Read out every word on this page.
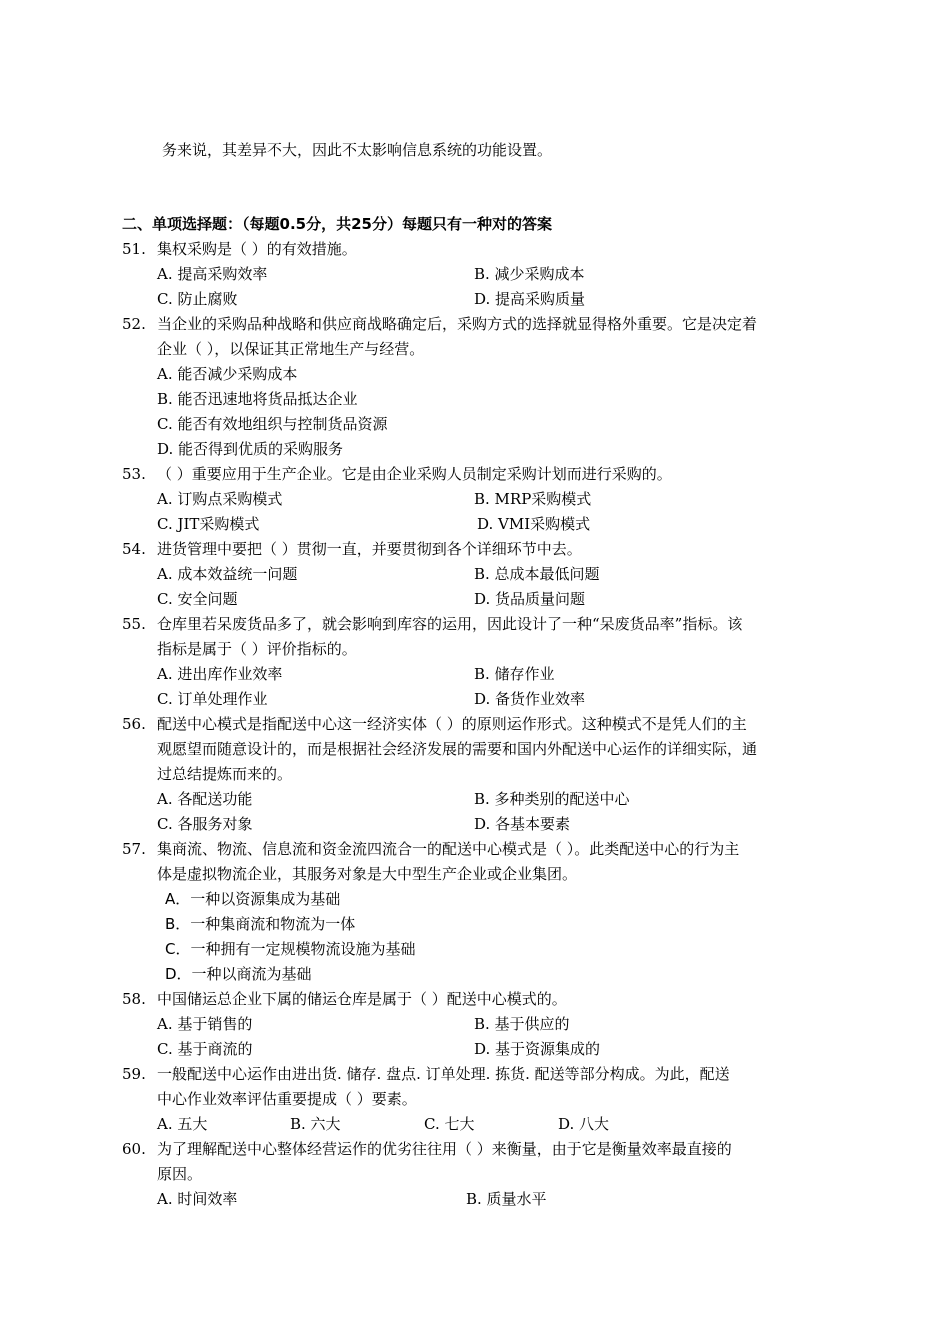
务来说，其差异不大，因此不太影响信息系统的功能设置。
二、单项选择题：（每题0.5分，共25分）每题只有一种对的答案
51. 集权采购是（ ）的有效措施。
A. 提高采购效率	B. 减少采购成本
C. 防止腐败	D. 提高采购质量
52. 当企业的采购品种战略和供应商战略确定后，采购方式的选择就显得格外重要。它是决定着
企业（ ），以保证其正常地生产与经营。
A. 能否减少采购成本
B. 能否迅速地将货品抵达企业
C. 能否有效地组织与控制货品资源
D. 能否得到优质的采购服务
53. （ ）重要应用于生产企业。它是由企业采购人员制定采购计划而进行采购的。
A. 订购点采购模式	B. MRP采购模式
C. JIT采购模式	D. VMI采购模式
54. 进货管理中要把（ ）贯彻一直，并要贯彻到各个详细环节中去。
A. 成本效益统一问题	B. 总成本最低问题
C. 安全问题	D. 货品质量问题
55. 仓库里若呆废货品多了，就会影响到库容的运用，因此设计了一种“呆废货品率”指标。该
指标是属于（ ）评价指标的。
A. 进出库作业效率	B. 储存作业
C. 订单处理作业	D. 备货作业效率
56. 配送中心模式是指配送中心这一经济实体（ ）的原则运作形式。这种模式不是凭人们的主
观愿望而随意设计的，而是根据社会经济发展的需要和国内外配送中心运作的详细实际，通
过总结提炼而来的。
A. 各配送功能	B. 多种类别的配送中心
C. 各服务对象	D. 各基本要素
57. 集商流、物流、信息流和资金流四流合一的配送中心模式是（ ）。此类配送中心的行为主
体是虚拟物流企业，其服务对象是大中型生产企业或企业集团。
A．一种以资源集成为基础
B．一种集商流和物流为一体
C．一种拥有一定规模物流设施为基础
D．一种以商流为基础
58. 中国储运总企业下属的储运仓库是属于（ ）配送中心模式的。
A. 基于销售的	B. 基于供应的
C. 基于商流的	D. 基于资源集成的
59. 一般配送中心运作由进出货. 储存. 盘点. 订单处理. 拣货. 配送等部分构成。为此，配送
中心作业效率评估重要提成（ ）要素。
A. 五大	B. 六大	C. 七大	D. 八大
60. 为了理解配送中心整体经营运作的优劣往往用（ ）来衡量，由于它是衡量效率最直接的
原因。
A. 时间效率	B. 质量水平
